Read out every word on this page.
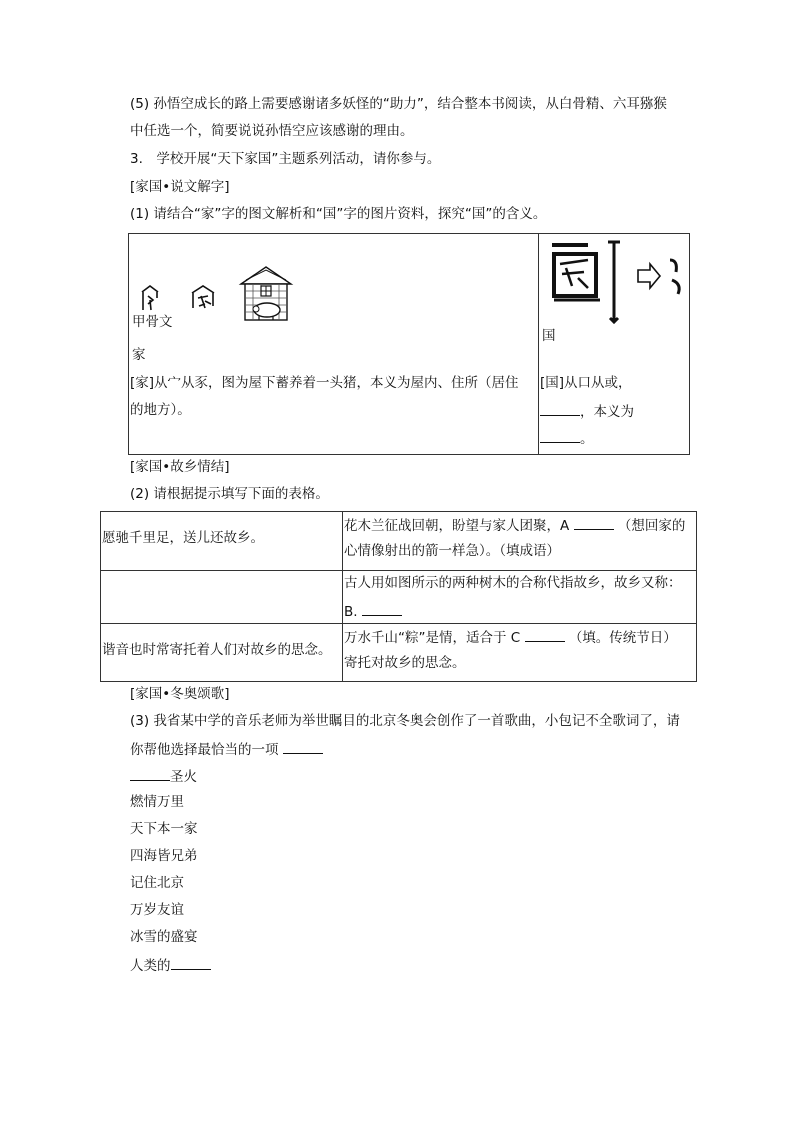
(5) 孙悟空成长的路上需要感谢诸多妖怪的“助力”，结合整本书阅读，从白骨精、六耳猕猴
中任选一个，简要说说孙悟空应该感谢的理由。
3.　学校开展“天下家国”主题系列活动，请你参与。
[家国•说文解字]
(1) 请结合“家”字的图文解析和“国”字的图片资料，探究“国”的含义。
甲骨文
家
[家]从宀从豕，图为屋下蓄养着一头猪，本义为屋内、住所（居住
的地方）。
国
[国]从口从或，
，本义为
。
[家国•故乡情结]
(2) 请根据提示填写下面的表格。
愿驰千里足，送儿还故乡。
花木兰征战回朝，盼望与家人团聚，A	（想回家的
心情像射出的箭一样急）。（填成语）
古人用如图所示的两种树木的合称代指故乡，故乡又称：
B.
谐音也时常寄托着人们对故乡的思念。
万水千山“粽”是情，适合于 C	（填。传统节日）
寄托对故乡的思念。
[家国•冬奥颂歌]
(3) 我省某中学的音乐老师为举世瞩目的北京冬奥会创作了一首歌曲，小包记不全歌词了，请
你帮他选择最恰当的一项
圣火
燃情万里
天下本一家
四海皆兄弟
记住北京
万岁友谊
冰雪的盛宴
人类的
